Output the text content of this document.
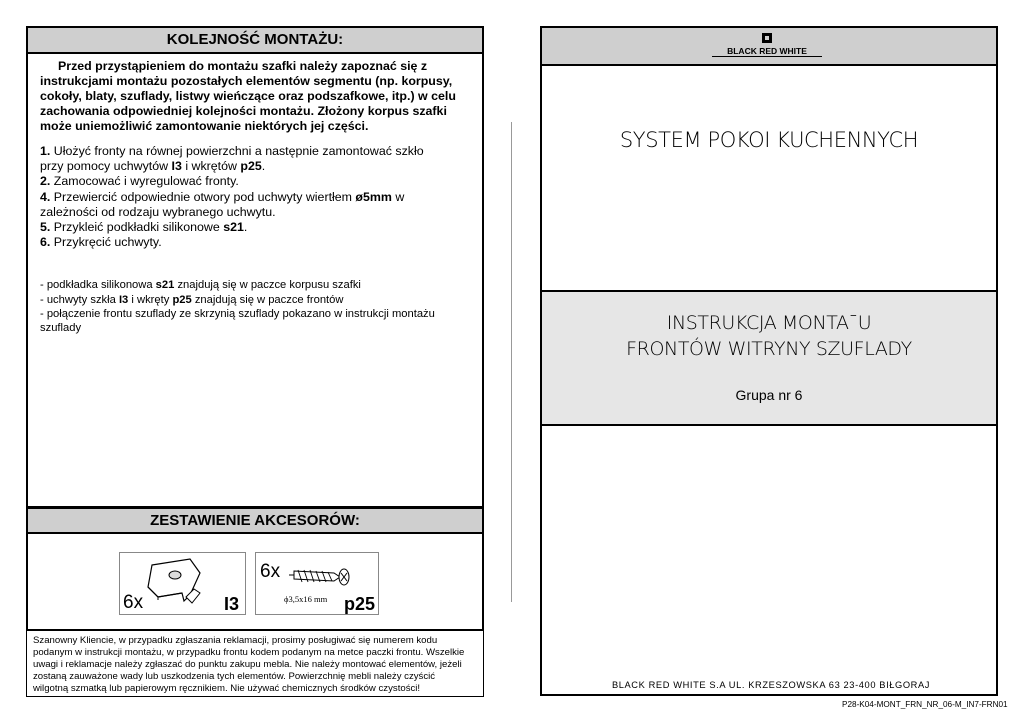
KOLEJNOŚĆ MONTAŻU:
Przed przystąpieniem do montażu szafki należy zapoznać się z
instrukcjami montażu pozostałych elementów segmentu (np. korpusy,
cokoły, blaty, szuflady, listwy wieńczące oraz podszafkowe, itp.) w celu
zachowania odpowiedniej kolejności montażu. Złożony korpus szafki
może uniemożliwić zamontowanie niektórych jej części.
1. Ułożyć fronty na równej powierzchni a następnie zamontować szkło
przy pomocy uchwytów I3 i wkrętów p25.
2. Zamocować i wyregulować fronty.
4. Przewiercić odpowiednie otwory pod uchwyty wiertłem ø5mm w
zależności od rodzaju wybranego uchwytu.
5. Przykleić podkładki silikonowe s21.
6. Przykręcić uchwyty.
- podkładka silikonowa s21 znajdują się w paczce korpusu szafki
- uchwyty szkła I3 i wkręty p25 znajdują się w paczce frontów
- połączenie frontu szuflady ze skrzynią szuflady pokazano w instrukcji montażu
szuflady
ZESTAWIENIE AKCESORÓW:
6x	I3
6x
ϕ3,5x16 mm p25
Szanowny Kliencie, w przypadku zgłaszania reklamacji, prosimy posługiwać się numerem kodu
podanym w instrukcji montażu, w przypadku frontu kodem podanym na metce paczki frontu. Wszelkie
uwagi i reklamacje należy zgłaszać do punktu zakupu mebla. Nie należy montować elementów, jeżeli
zostaną zauważone wady lub uszkodzenia tych elementów. Powierzchnię mebli należy czyścić
wilgotną szmatką lub papierowym ręcznikiem. Nie używać chemicznych środków czystości!
BLACK RED WHITE
SYSTEM POKOI KUCHENNYCH
INSTRUKCJA MONTA¯U
FRONTÓW WITRYNY SZUFLADY
Grupa nr 6
BLACK RED WHITE S.A UL. KRZESZOWSKA 63 23-400 BIŁGORAJ
P28-K04-MONT_FRN_NR_06-M_IN7-FRN01
